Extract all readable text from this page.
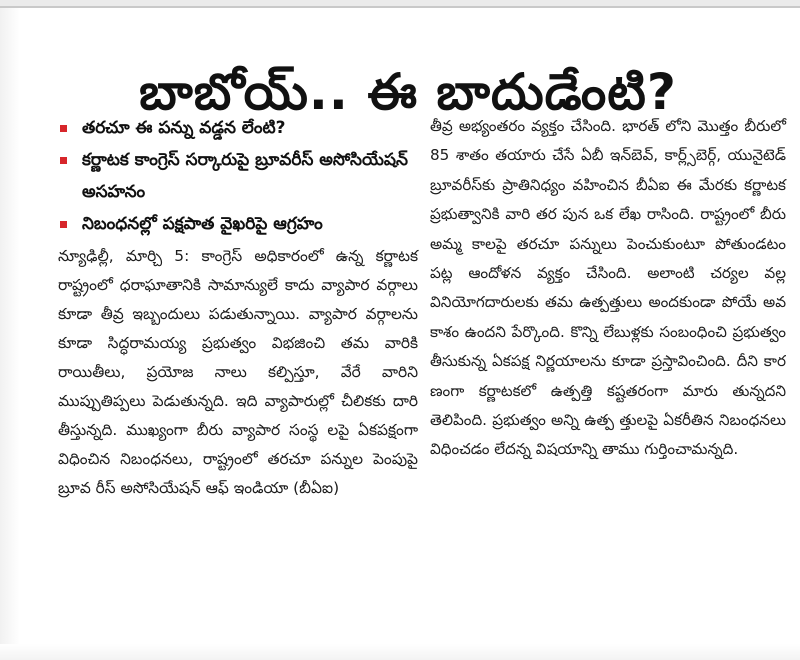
బాబోయ్.. ఈ బాదుడేంటి?
తరచూ ఈ పన్ను వడ్డన లేంటి?
కర్ణాటక కాంగ్రెస్ సర్కారుపై బ్రూవరీస్ అసోసియేషన్ అసహనం
నిబంధనల్లో పక్షపాత వైఖరిపై ఆగ్రహం

న్యూఢిల్లీ, మార్చి 5: కాంగ్రెస్ అధికారంలో ఉన్న కర్ణాటక రాష్ట్రంలో ధరాఘాతానికి సామాన్యులే కాదు వ్యాపార వర్గాలు కూడా తీవ్ర ఇబ్బందులు పడుతున్నాయి. వ్యాపార వర్గాలను కూడా సిద్ధరామయ్య ప్రభుత్వం విభజించి తమ వారికి రాయితీలు, ప్రయోజ నాలు కల్పిస్తూ, వేరే వారిని ముప్పుతిప్పలు పెడుతున్నది. ఇది వ్యాపారుల్లో చీలికకు దారి తీస్తున్నది. ముఖ్యంగా బీరు వ్యాపార సంస్థ లపై ఏకపక్షంగా విధించిన నిబంధనలు, రాష్ట్రంలో తరచూ పన్నుల పెంపుపై బ్రూవ రీస్ అసోసియేషన్ ఆఫ్ ఇండియా (బీఏఐ)

తీవ్ర అభ్యంతరం వ్యక్తం చేసింది. భారత్ లోని మొత్తం బీరులో 85 శాతం తయారు చేసే ఏబీ ఇన్‌బెవ్, కార్ల్స్‌బెర్గ్, యునైటెడ్ బ్రూవరీస్‌కు ప్రాతినిధ్యం వహించిన బీఏఐ ఈ మేరకు కర్ణాటక ప్రభుత్వానికి వారి తర పున ఒక లేఖ రాసింది. రాష్ట్రంలో బీరు అమ్మ కాలపై తరచూ పన్నులు పెంచుకుంటూ పోతుండటం పట్ల ఆందోళన వ్యక్తం చేసింది. అలాంటి చర్యల వల్ల వినియోగదారులకు తమ ఉత్పత్తులు అందకుండా పోయే అవ కాశం ఉందని పేర్కొంది. కొన్ని లేబుళ్లకు సంబంధించి ప్రభుత్వం తీసుకున్న ఏకపక్ష నిర్ణయాలను కూడా ప్రస్తావించింది. దీని కార ణంగా కర్ణాటకలో ఉత్పత్తి కష్టతరంగా మారు తున్నదని తెలిపింది. ప్రభుత్వం అన్ని ఉత్ప త్తులపై ఏకరీతిన నిబంధనలు విధించడం లేదన్న విషయాన్ని తాము గుర్తించామన్నది.
